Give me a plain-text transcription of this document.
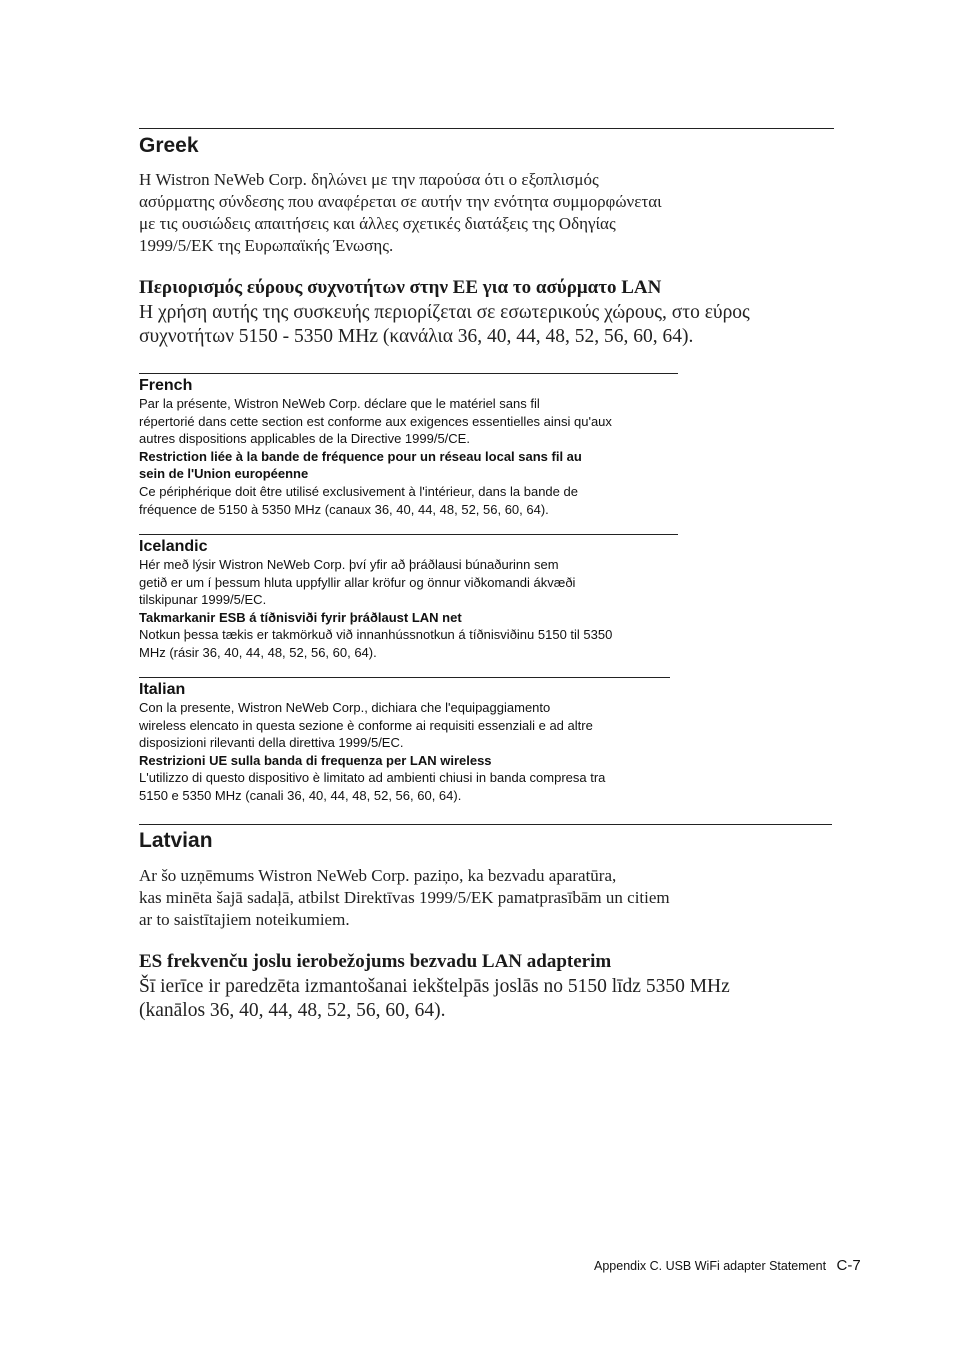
Greek

Η Wistron NeWeb Corp. δηλώνει με την παρούσα ότι ο εξοπλισμός
ασύρματης σύνδεσης που αναφέρεται σε αυτήν την ενότητα συμμορφώνεται
με τις ουσιώδεις απαιτήσεις και άλλες σχετικές διατάξεις της Οδηγίας
1999/5/ΕΚ της Ευρωπαϊκής Ένωσης.

Περιορισμός εύρους συχνοτήτων στην ΕΕ για το ασύρματο LAN

Η χρήση αυτής της συσκευής περιορίζεται σε εσωτερικούς χώρους, στο εύρος
συχνοτήτων 5150 - 5350 MHz (κανάλια 36, 40, 44, 48, 52, 56, 60, 64).

French

Par la présente, Wistron NeWeb Corp. déclare que le matériel sans fil
répertorié dans cette section est conforme aux exigences essentielles ainsi qu'aux
autres dispositions applicables de la Directive 1999/5/CE.

Restriction liée à la bande de fréquence pour un réseau local sans fil au
sein de l'Union européenne

Ce périphérique doit être utilisé exclusivement à l'intérieur, dans la bande de
fréquence de 5150 à 5350 MHz (canaux 36, 40, 44, 48, 52, 56, 60, 64).

Icelandic

Hér með lýsir Wistron NeWeb Corp. því yfir að þráðlausi búnaðurinn sem
getið er um í þessum hluta uppfyllir allar kröfur og önnur viðkomandi ákvæði
tilskipunar 1999/5/EC.

Takmarkanir ESB á tíðnisviði fyrir þráðlaust LAN net

Notkun þessa tækis er takmörkuð við innanhússnotkun á tíðnisviðinu 5150 til 5350
MHz (rásir 36, 40, 44, 48, 52, 56, 60, 64).

Italian

Con la presente, Wistron NeWeb Corp., dichiara che l'equipaggiamento
wireless elencato in questa sezione è conforme ai requisiti essenziali e ad altre
disposizioni rilevanti della direttiva 1999/5/EC.

Restrizioni UE sulla banda di frequenza per LAN wireless

L'utilizzo di questo dispositivo è limitato ad ambienti chiusi in banda compresa tra
5150 e 5350 MHz (canali 36, 40, 44, 48, 52, 56, 60, 64).

Latvian

Ar šo uzņēmums Wistron NeWeb Corp. paziņo, ka bezvadu aparatūra,
kas minēta šajā sadaļā, atbilst Direktīvas 1999/5/EK pamatprasībām un citiem
ar to saistītajiem noteikumiem.

ES frekvenču joslu ierobežojums bezvadu LAN adapterim

Šī ierīce ir paredzēta izmantošanai iekštelpās joslās no 5150 līdz 5350 MHz
(kanālos 36, 40, 44, 48, 52, 56, 60, 64).

Appendix C. USB WiFi adapter Statement C-7
